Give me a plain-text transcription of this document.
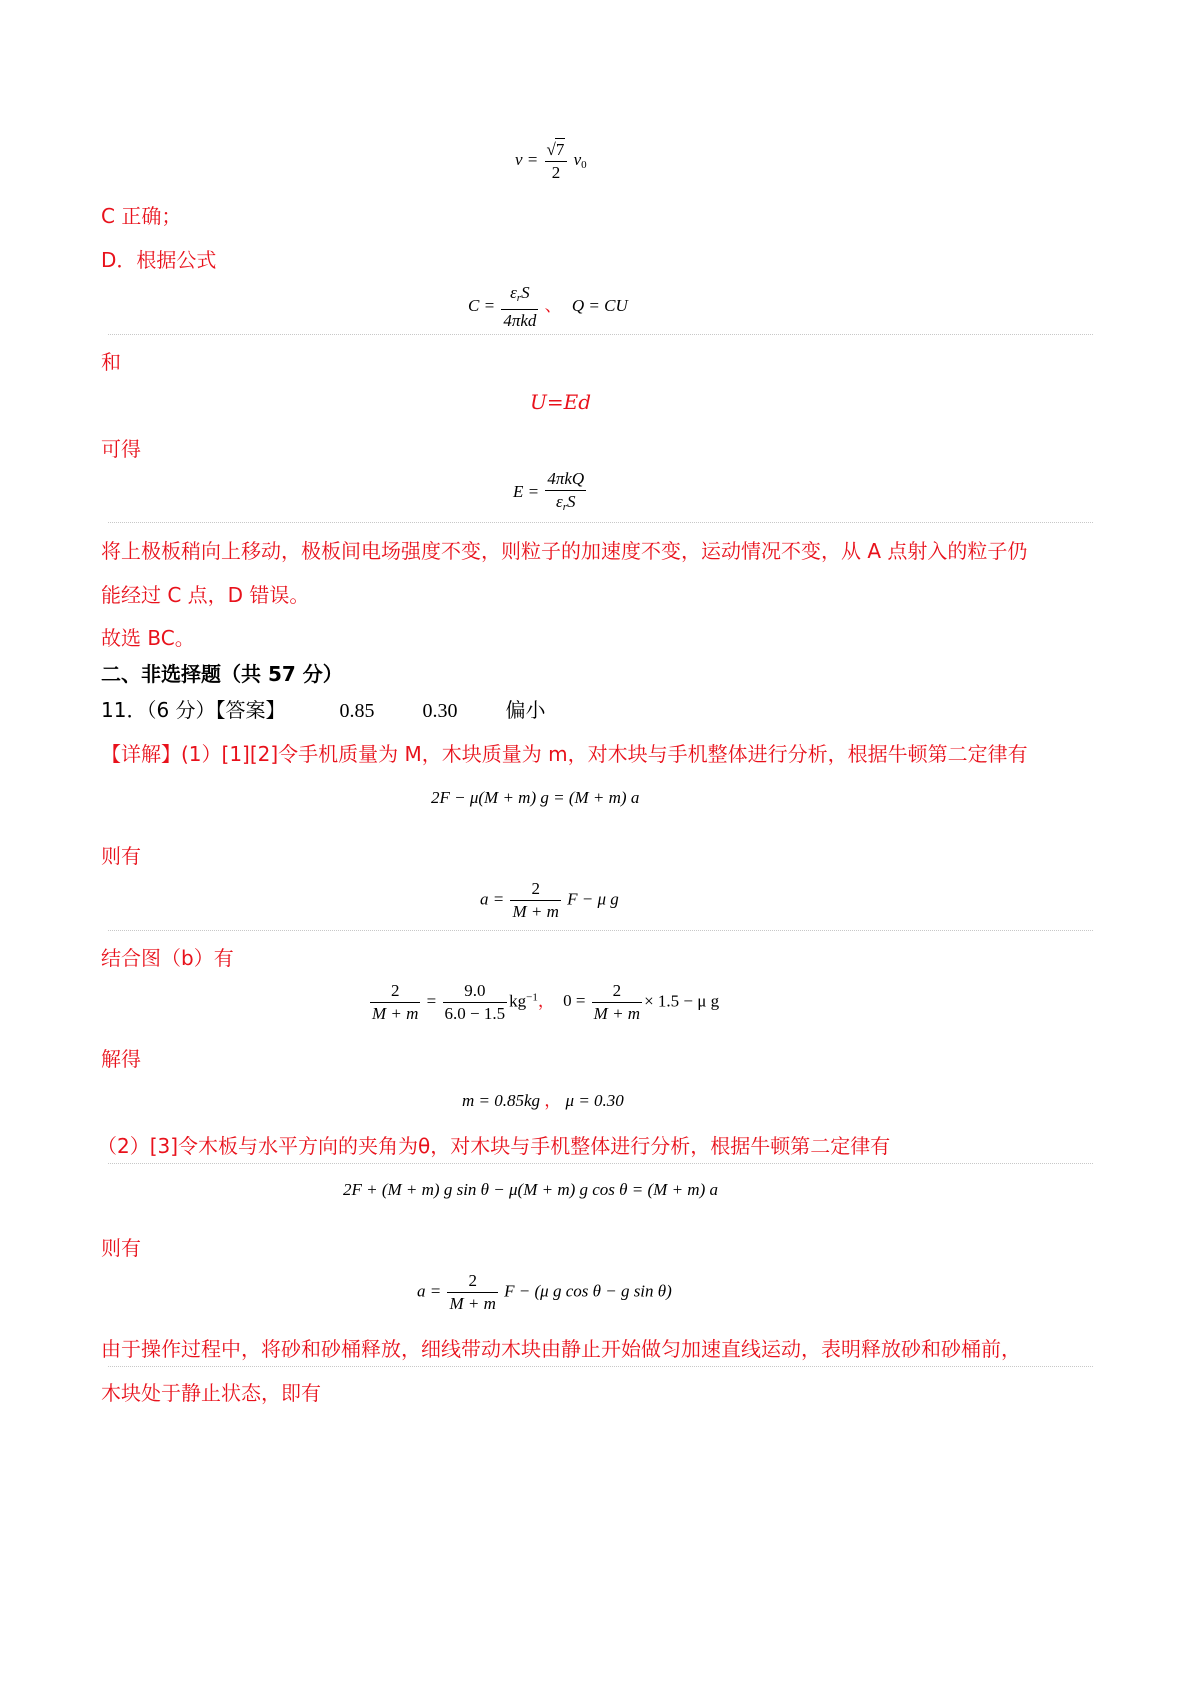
$v = \frac{√7}{2} v_0$
C 正确；
D．根据公式
$C = \frac{\varepsilon_rS}{\text{4πkd}}$ 、 Q = CU
和
U=Ed
可得
$E = \frac{\text{4πkQ}}{\varepsilon_rS}$
将上极板稍向上移动，极板间电场强度不变，则粒子的加速度不变，运动情况不变，从 A 点射入的粒子仍
能经过 C 点，D 错误。
故选 BC。
二、非选择题（共 57 分）
11．（6 分）【答案】	0.85 0.30 偏小
【详解】(1）[1][2]令手机质量为 M，木块质量为 m，对木块与手机整体进行分析，根据牛顿第二定律有
2F − μ(M + m) g = (M + m) a
则有
$a = \frac{2}{M + m}$ F − μ g
结合图（b）有
$\frac{2}{M + m} = \frac{9.0}{6.0 - 1.5} kg^{-1}$， $0 = \frac{2}{M + m} \times 1.5 - \mu$ g
解得
m = 0.85kg ， μ = 0.30
（2）[3]令木板与水平方向的夹角为θ，对木块与手机整体进行分析，根据牛顿第二定律有
2F + (M + m) g sin θ − μ(M + m) g cos θ = (M + m) a
则有
$a = \frac{2}{M + m}$ F − (μ g cos θ − g sin θ)
由于操作过程中，将砂和砂桶释放，细线带动木块由静止开始做匀加速直线运动，表明释放砂和砂桶前，
木块处于静止状态，即有
